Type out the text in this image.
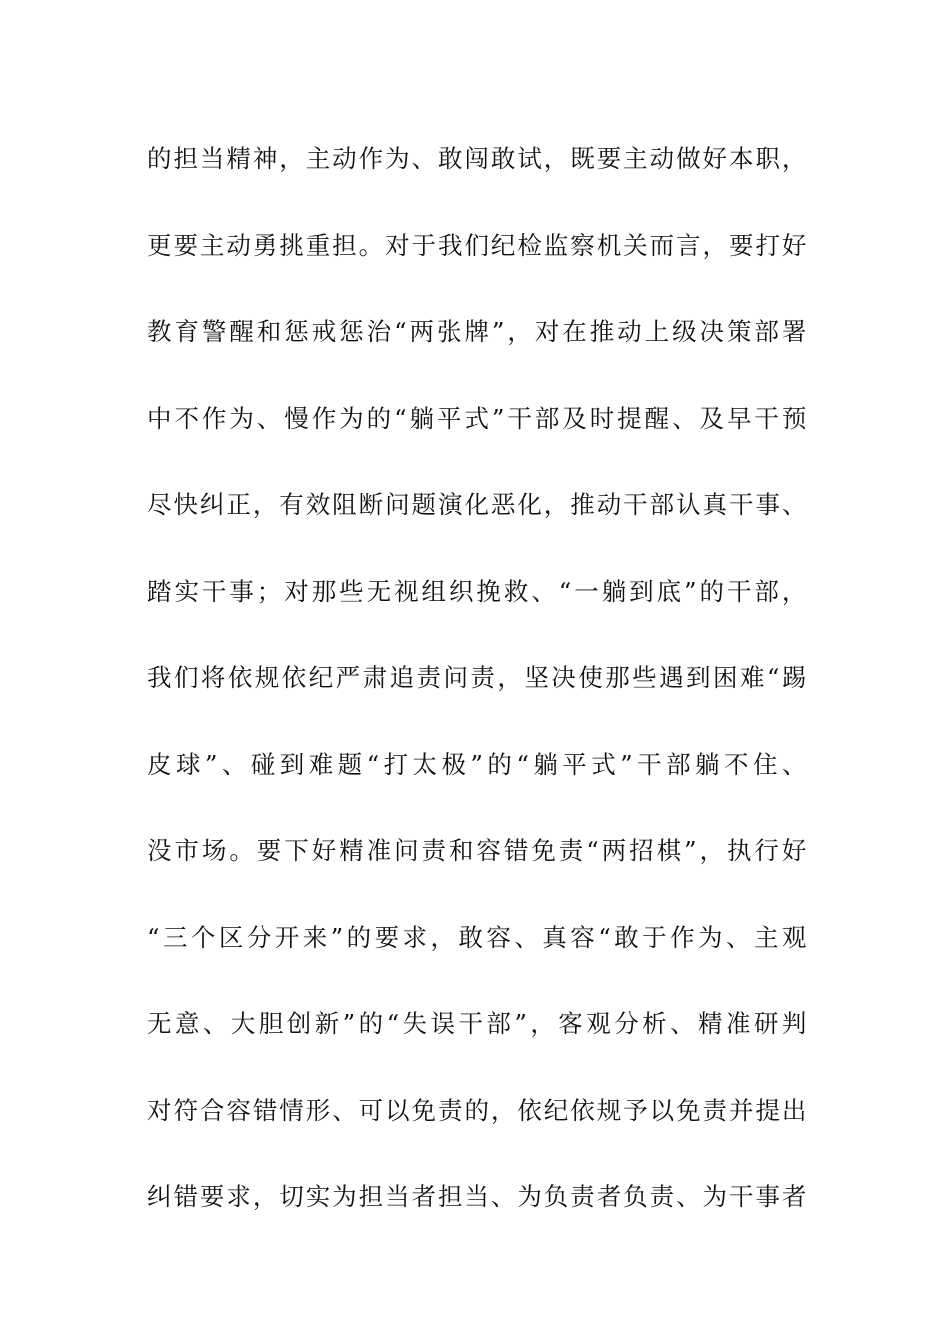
的担当精神，主动作为、敢闯敢试，既要主动做好本职，
更要主动勇挑重担。对于我们纪检监察机关而言，要打好
教育警醒和惩戒惩治“两张牌”，对在推动上级决策部署
中不作为、慢作为的“躺平式”干部及时提醒、及早干预
尽快纠正，有效阻断问题演化恶化，推动干部认真干事、
踏实干事；对那些无视组织挽救、“一躺到底”的干部，
我们将依规依纪严肃追责问责，坚决使那些遇到困难“踢
皮球”、碰到难题“打太极”的“躺平式”干部躺不住、
没市场。要下好精准问责和容错免责“两招棋”，执行好
“三个区分开来”的要求，敢容、真容“敢于作为、主观
无意、大胆创新”的“失误干部”，客观分析、精准研判
对符合容错情形、可以免责的，依纪依规予以免责并提出
纠错要求，切实为担当者担当、为负责者负责、为干事者
